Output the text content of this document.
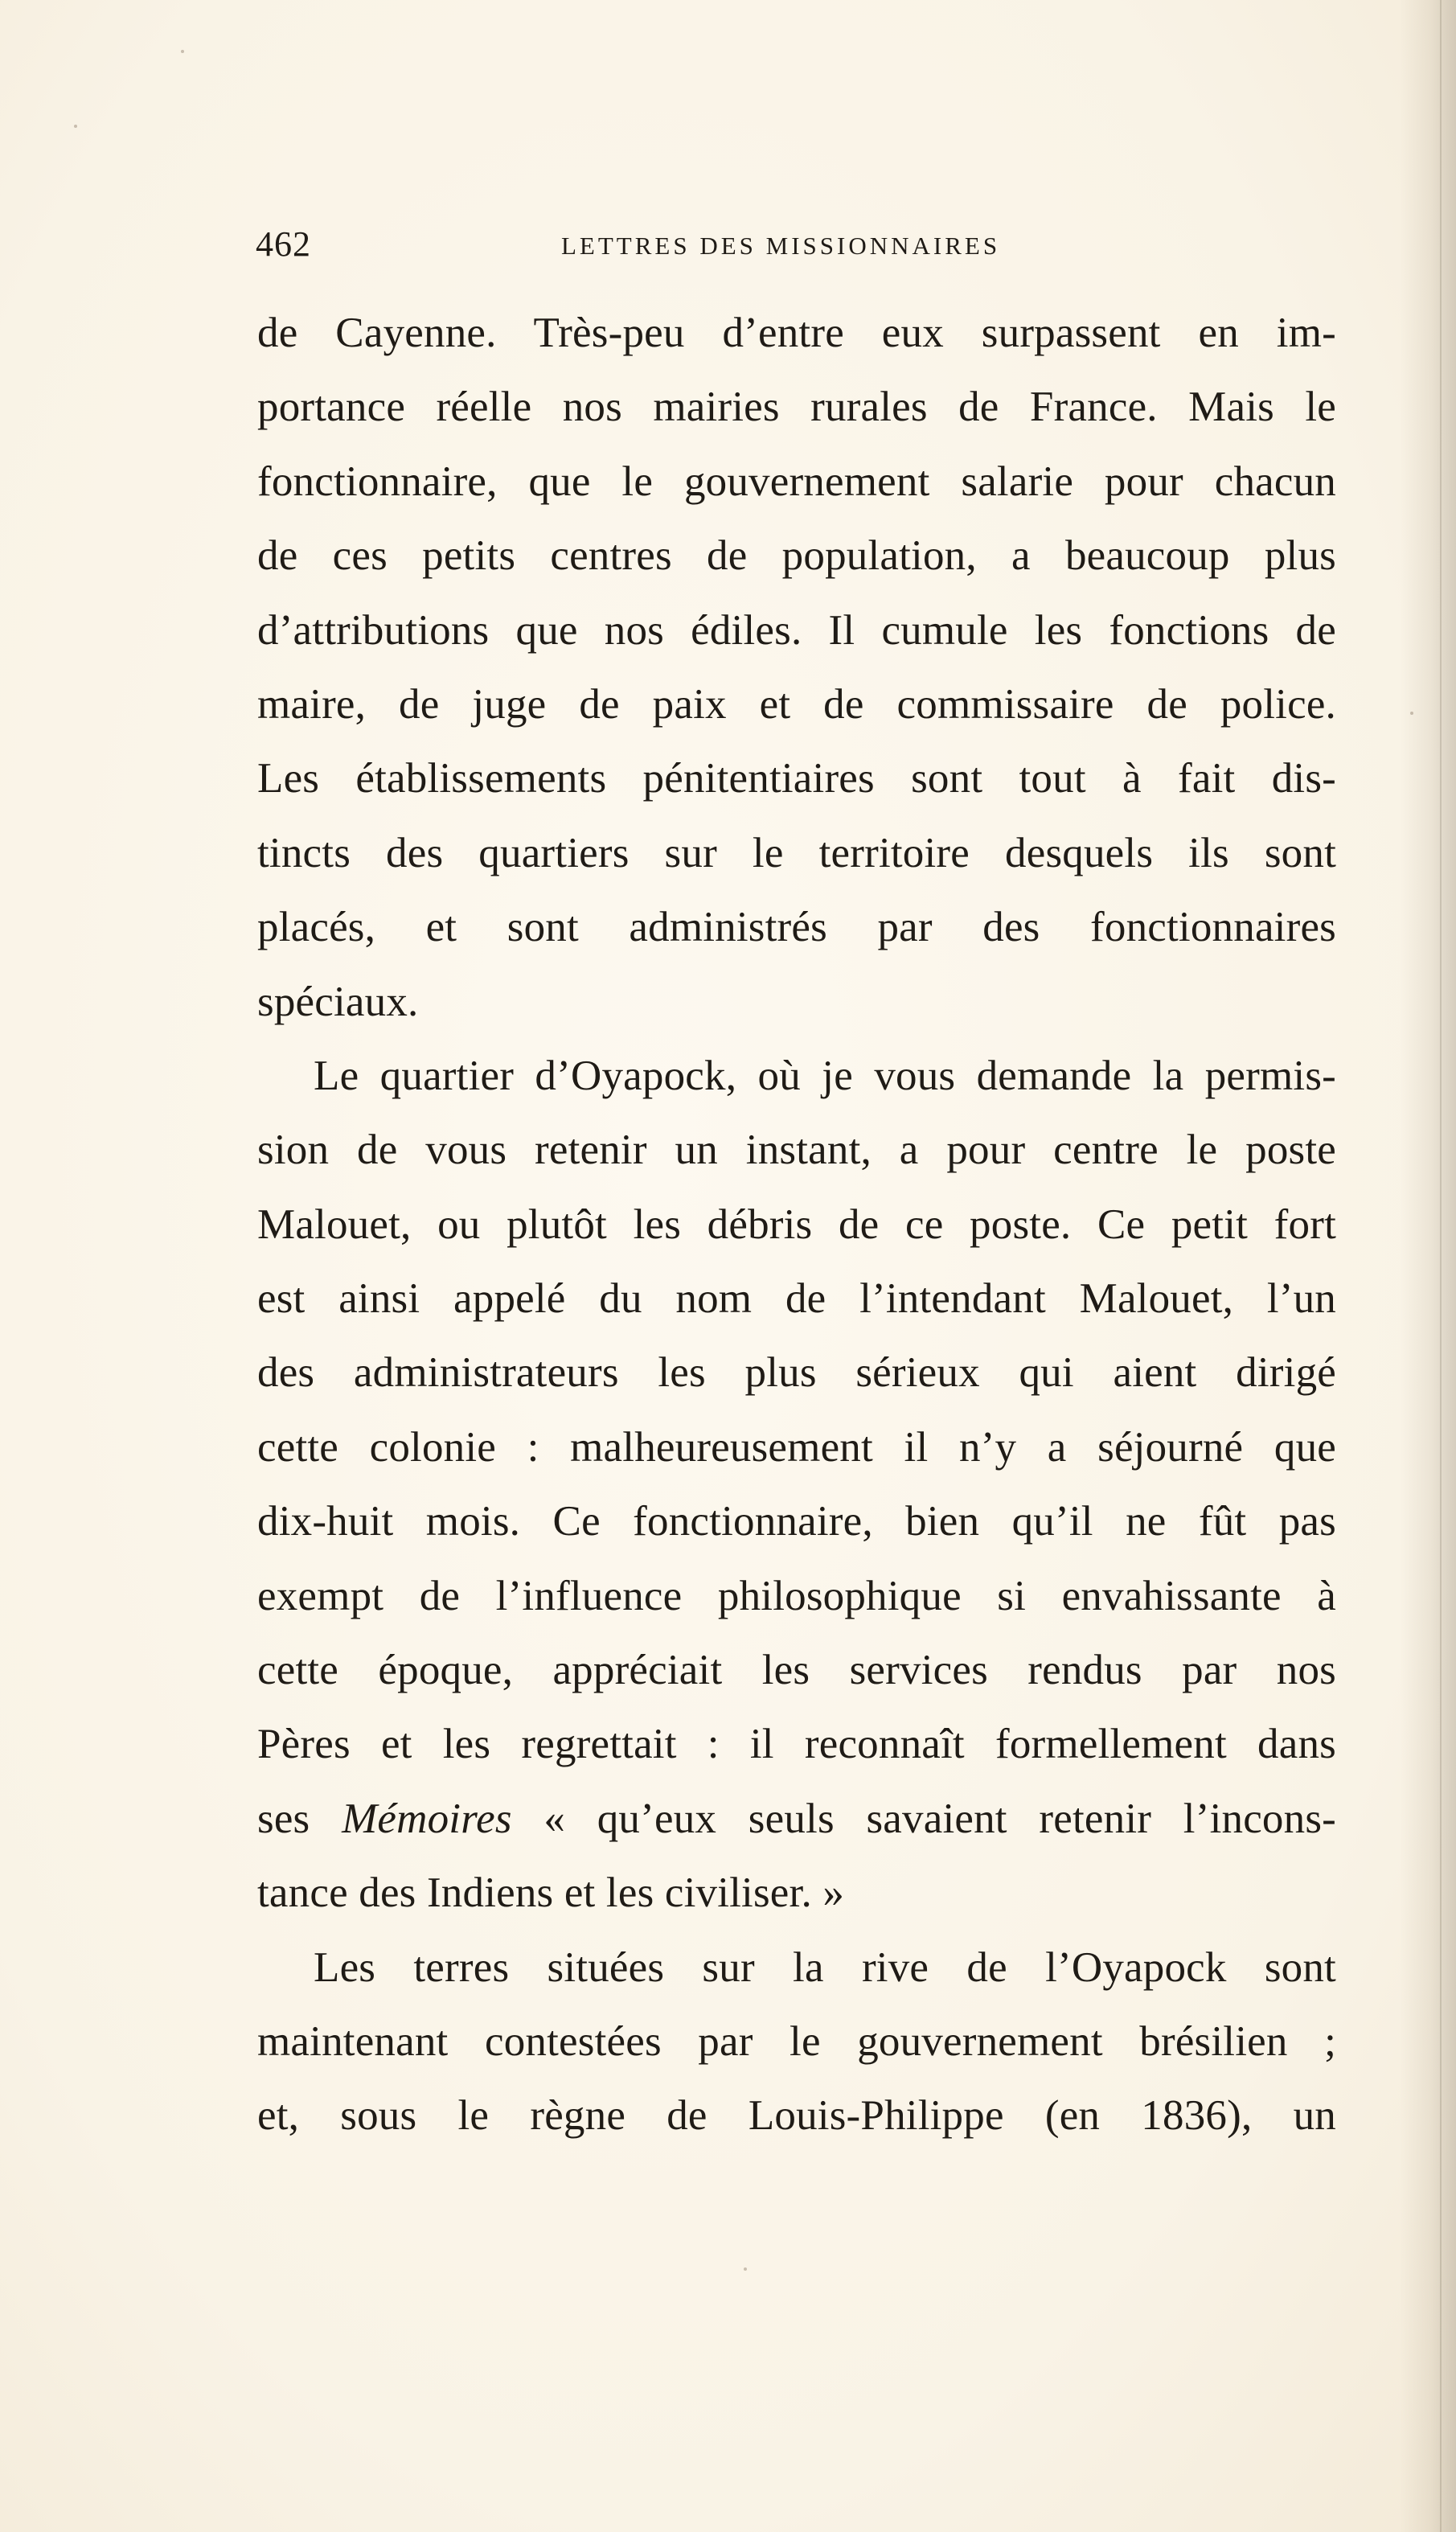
462	LETTRES DES MISSIONNAIRES
de Cayenne. Très-peu d’entre eux surpassent en im-
portance réelle nos mairies rurales de France. Mais le
fonctionnaire, que le gouvernement salarie pour chacun
de ces petits centres de population, a beaucoup plus
d’attributions que nos édiles. Il cumule les fonctions de
maire, de juge de paix et de commissaire de police.
Les établissements pénitentiaires sont tout à fait dis-
tincts des quartiers sur le territoire desquels ils sont
placés, et sont administrés par des fonctionnaires
spéciaux.
Le quartier d’Oyapock, où je vous demande la permis-
sion de vous retenir un instant, a pour centre le poste
Malouet, ou plutôt les débris de ce poste. Ce petit fort
est ainsi appelé du nom de l’intendant Malouet, l’un
des administrateurs les plus sérieux qui aient dirigé
cette colonie : malheureusement il n’y a séjourné que
dix-huit mois. Ce fonctionnaire, bien qu’il ne fût pas
exempt de l’influence philosophique si envahissante à
cette époque, appréciait les services rendus par nos
Pères et les regrettait : il reconnaît formellement dans
ses Mémoires « qu’eux seuls savaient retenir l’incons-
tance des Indiens et les civiliser. »
Les terres situées sur la rive de l’Oyapock sont
maintenant contestées par le gouvernement brésilien ;
et, sous le règne de Louis-Philippe (en 1836), un
